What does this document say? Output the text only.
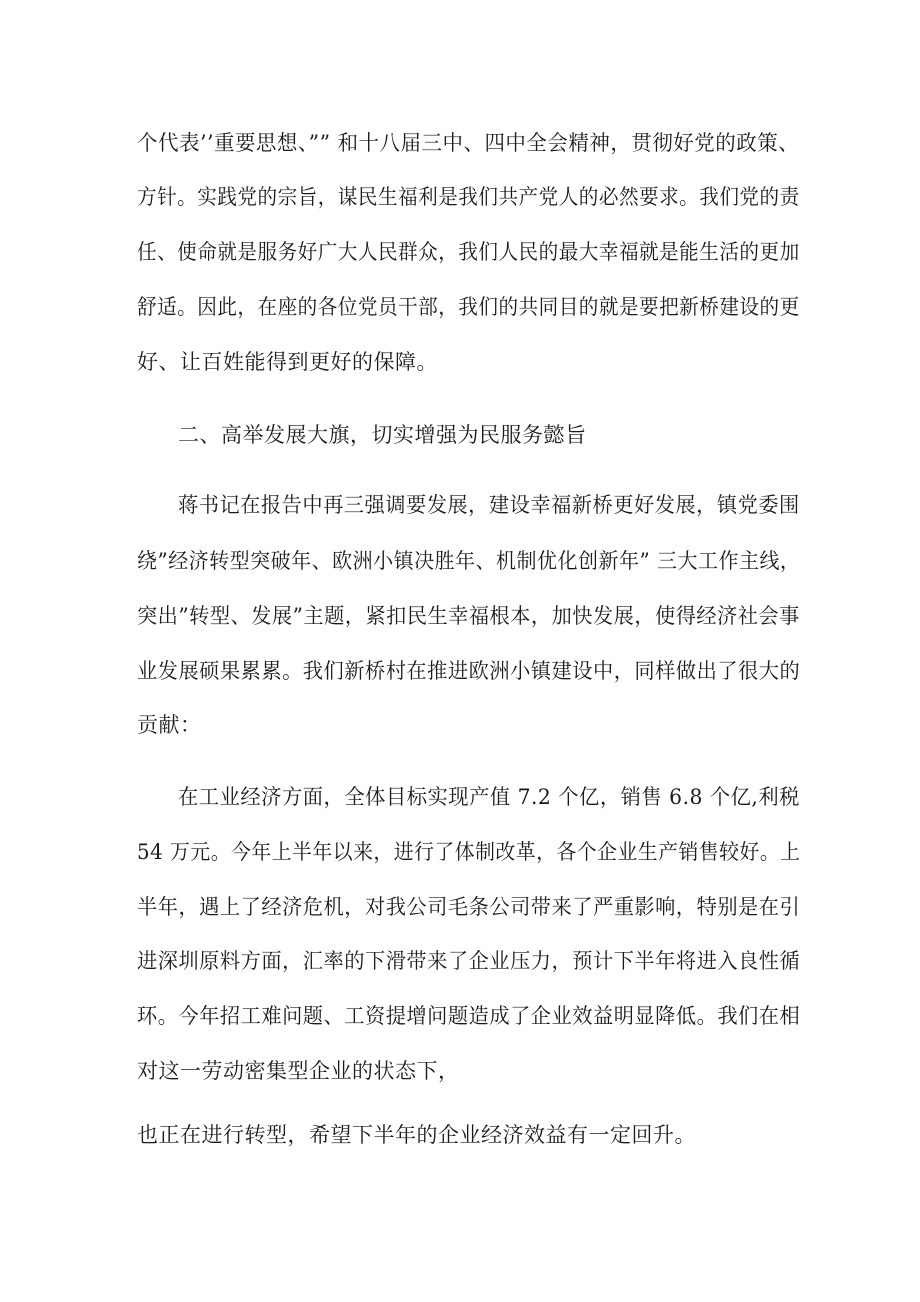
个代表’’重要思想、”” 和十八届三中、四中全会精神，贯彻好党的政策、
方针。实践党的宗旨，谋民生福利是我们共产党人的必然要求。我们党的责
任、使命就是服务好广大人民群众，我们人民的最大幸福就是能生活的更加
舒适。因此，在座的各位党员干部，我们的共同目的就是要把新桥建设的更
好、让百姓能得到更好的保障。
二、高举发展大旗，切实增强为民服务懿旨
蒋书记在报告中再三强调要发展，建设幸福新桥更好发展，镇党委围
绕”经济转型突破年、欧洲小镇决胜年、机制优化创新年” 三大工作主线，
突出”转型、发展”主题，紧扣民生幸福根本，加快发展，使得经济社会事
业发展硕果累累。我们新桥村在推进欧洲小镇建设中，同样做出了很大的
贡献：
在工业经济方面，全体目标实现产值 7.2 个亿，销售 6.8 个亿,利税
54 万元。今年上半年以来，进行了体制改革，各个企业生产销售较好。上
半年，遇上了经济危机，对我公司毛条公司带来了严重影响，特别是在引
进深圳原料方面，汇率的下滑带来了企业压力，预计下半年将进入良性循
环。今年招工难问题、工资提增问题造成了企业效益明显降低。我们在相
对这一劳动密集型企业的状态下，
也正在进行转型，希望下半年的企业经济效益有一定回升。
